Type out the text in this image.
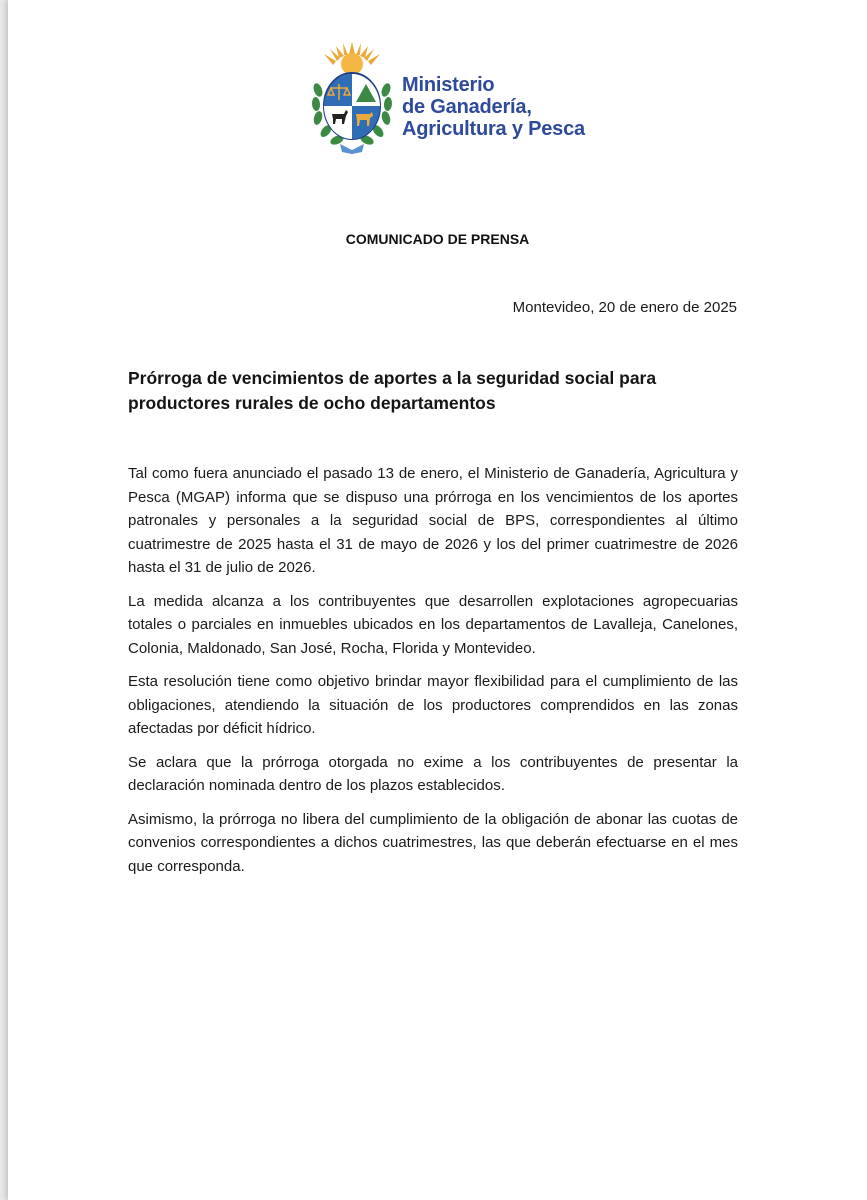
Ministerio
de Ganadería,
Agricultura y Pesca

COMUNICADO DE PRENSA

Montevideo, 20 de enero de 2025

Prórroga de vencimientos de aportes a la seguridad social para productores rurales de ocho departamentos

Tal como fuera anunciado el pasado 13 de enero, el Ministerio de Ganadería, Agricultura y Pesca (MGAP) informa que se dispuso una prórroga en los vencimientos de los aportes patronales y personales a la seguridad social de BPS, correspondientes al último cuatrimestre de 2025 hasta el 31 de mayo de 2026 y los del primer cuatrimestre de 2026 hasta el 31 de julio de 2026.

La medida alcanza a los contribuyentes que desarrollen explotaciones agropecuarias totales o parciales en inmuebles ubicados en los departamentos de Lavalleja, Canelones, Colonia, Maldonado, San José, Rocha, Florida y Montevideo.

Esta resolución tiene como objetivo brindar mayor flexibilidad para el cumplimiento de las obligaciones, atendiendo la situación de los productores comprendidos en las zonas afectadas por déficit hídrico.

Se aclara que la prórroga otorgada no exime a los contribuyentes de presentar la declaración nominada dentro de los plazos establecidos.

Asimismo, la prórroga no libera del cumplimiento de la obligación de abonar las cuotas de convenios correspondientes a dichos cuatrimestres, las que deberán efectuarse en el mes que corresponda.
